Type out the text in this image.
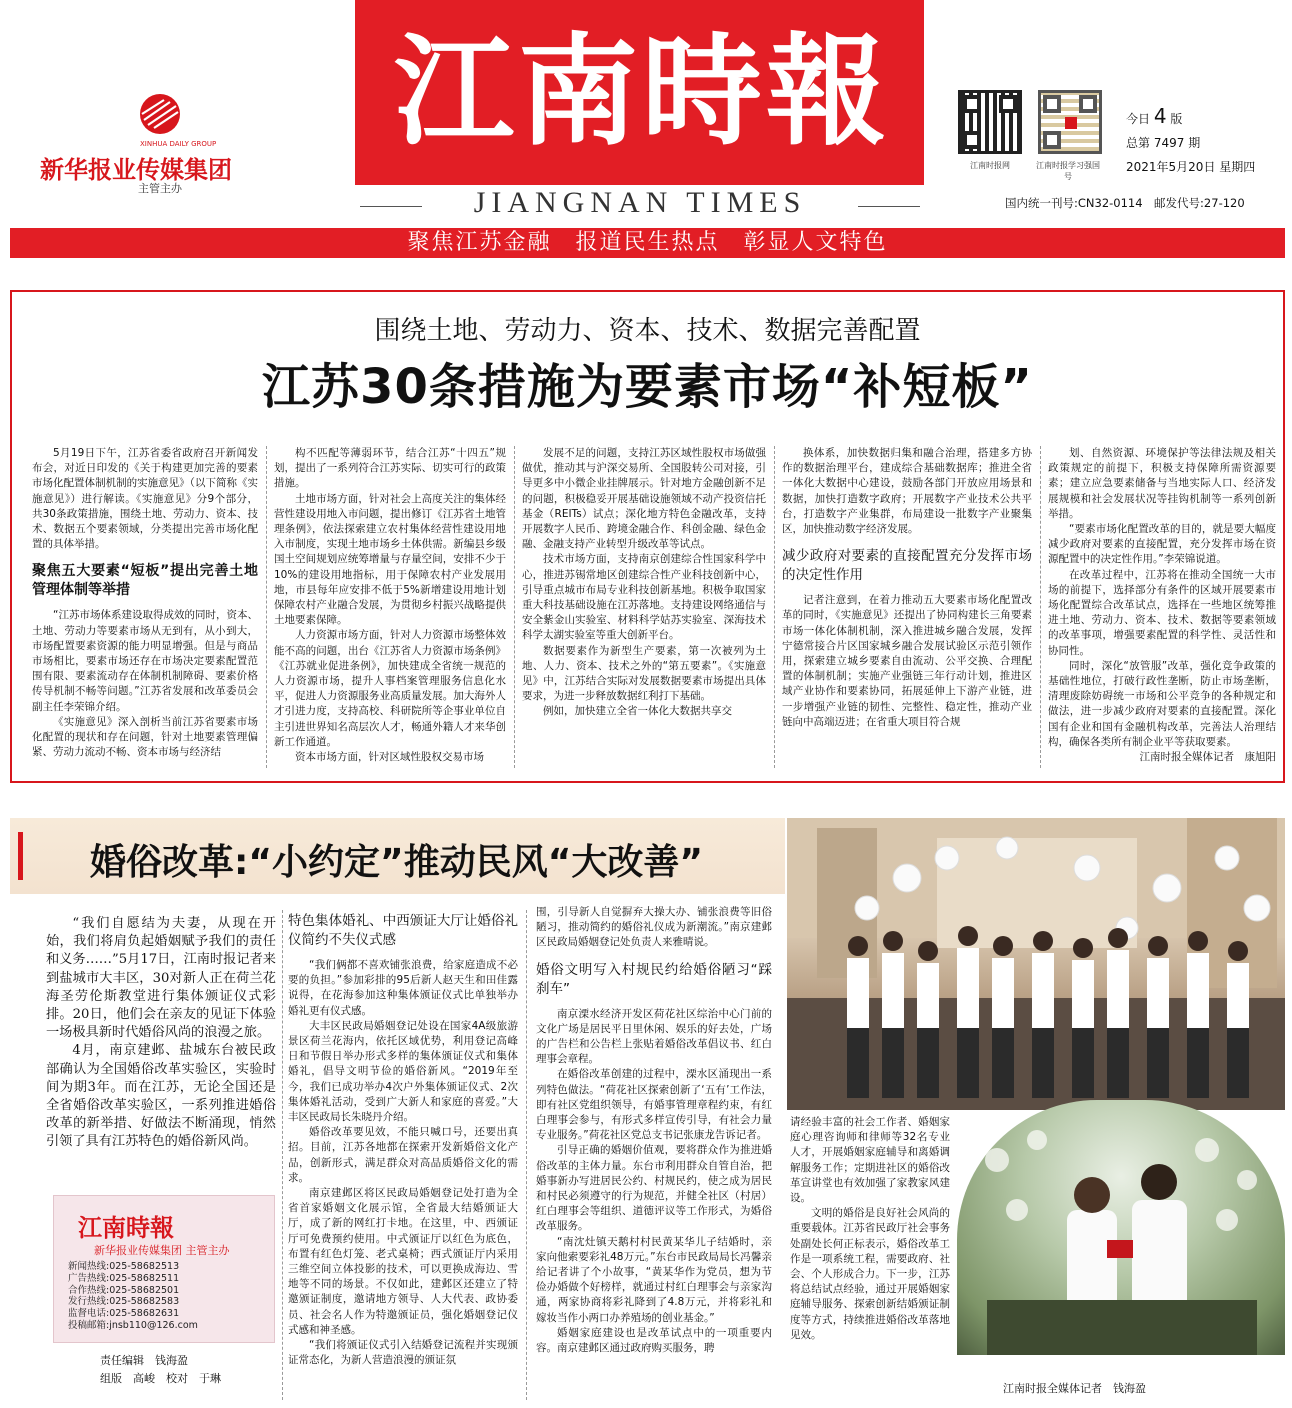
江南時報
JIANGNAN TIMES
XINHUA DAILY GROUP
新华报业传媒集团
主管主办
江南时报网	江南时报学习强国号
今日 4 版
总第 7497 期
2021年5月20日 星期四
国内统一刊号:CN32-0114　邮发代号:27-120
聚焦江苏金融　报道民生热点　彰显人文特色
围绕土地、劳动力、资本、技术、数据完善配置
江苏30条措施为要素市场“补短板”

5月19日下午，江苏省委省政府召开新闻发布会，对近日印发的《关于构建更加完善的要素市场化配置体制机制的实施意见》（以下简称《实施意见》）进行解读。《实施意见》分9个部分，共30条政策措施，围绕土地、劳动力、资本、技术、数据五个要素领域，分类提出完善市场化配置的具体举措。

聚焦五大要素“短板”提出完善土地管理体制等举措

“江苏市场体系建设取得成效的同时，资本、土地、劳动力等要素市场从无到有，从小到大，市场配置要素资源的能力明显增强。但是与商品市场相比，要素市场还存在市场决定要素配置范围有限、要素流动存在体制机制障碍、要素价格传导机制不畅等问题。”江苏省发展和改革委员会副主任李荣锦介绍。

《实施意见》深入剖析当前江苏省要素市场化配置的现状和存在问题，针对土地要素管理偏紧、劳动力流动不畅、资本市场与经济结

构不匹配等薄弱环节，结合江苏“十四五”规划，提出了一系列符合江苏实际、切实可行的政策措施。

土地市场方面，针对社会上高度关注的集体经营性建设用地入市问题，提出修订《江苏省土地管理条例》，依法探索建立农村集体经营性建设用地入市制度，实现土地市场乡土体供需。新编县乡级国土空间规划应统筹增量与存量空间，安排不少于10%的建设用地指标，用于保障农村产业发展用地，市县每年应安排不低于5%新增建设用地计划保障农村产业融合发展，为贯彻乡村振兴战略提供土地要素保障。

人力资源市场方面，针对人力资源市场整体效能不高的问题，出台《江苏省人力资源市场条例》《江苏就业促进条例》，加快建成全省统一规范的人力资源市场，提升人事档案管理服务信息化水平，促进人力资源服务业高质量发展。加大海外人才引进力度，支持高校、科研院所等企事业单位自主引进世界知名高层次人才，畅通外籍人才来华创新工作通道。

资本市场方面，针对区域性股权交易市场

发展不足的问题，支持江苏区域性股权市场做强做优，推动其与沪深交易所、全国股转公司对接，引导更多中小微企业挂牌展示。针对地方金融创新不足的问题，积极稳妥开展基础设施领域不动产投资信托基金（REITs）试点；深化地方特色金融改革，支持开展数字人民币、跨境金融合作、科创金融、绿色金融、金融支持产业转型升级改革等试点。

技术市场方面，支持南京创建综合性国家科学中心，推进苏锡常地区创建综合性产业科技创新中心，引导重点城市布局专业科技创新基地。积极争取国家重大科技基础设施在江苏落地。支持建设网络通信与安全紫金山实验室、材料科学姑苏实验室、深海技术科学太湖实验室等重大创新平台。

数据要素作为新型生产要素，第一次被列为土地、人力、资本、技术之外的“第五要素”。《实施意见》中，江苏结合实际对发展数据要素市场提出具体要求，为进一步释放数据红利打下基础。

例如，加快建立全省一体化大数据共享交

换体系，加快数据归集和融合治理，搭建多方协作的数据治理平台，建成综合基础数据库；推进全省一体化大数据中心建设，鼓励各部门开放应用场景和数据，加快打造数字政府；开展数字产业技术公共平台，打造数字产业集群，布局建设一批数字产业聚集区，加快推动数字经济发展。

减少政府对要素的直接配置充分发挥市场的决定性作用

记者注意到，在着力推动五大要素市场化配置改革的同时，《实施意见》还提出了协同构建长三角要素市场一体化体制机制，深入推进城乡融合发展，发挥宁德常接合片区国家城乡融合发展试验区示范引领作用，探索建立城乡要素自由流动、公平交换、合理配置的体制机制；实施产业强链三年行动计划，推进区域产业协作和要素协同，拓展延伸上下游产业链，进一步增强产业链的韧性、完整性、稳定性，推动产业链向中高端迈进；在省重大项目符合规

划、自然资源、环境保护等法律法规及相关政策规定的前提下，积极支持保障所需资源要素；建立应急要素储备与当地实际人口、经济发展规模和社会发展状况等挂钩机制等一系列创新举措。

“要素市场化配置改革的目的，就是要大幅度减少政府对要素的直接配置，充分发挥市场在资源配置中的决定性作用。”李荣锦说道。

在改革过程中，江苏将在推动全国统一大市场的前提下，选择部分有条件的区域开展要素市场化配置综合改革试点，选择在一些地区统筹推进土地、劳动力、资本、技术、数据等要素领域的改革事项，增强要素配置的科学性、灵活性和协同性。

同时，深化“放管服”改革，强化竞争政策的基础性地位，打破行政性垄断，防止市场垄断，清理废除妨碍统一市场和公平竞争的各种规定和做法，进一步减少政府对要素的直接配置。深化国有企业和国有金融机构改革，完善法人治理结构，确保各类所有制企业平等获取要素。

江南时报全媒体记者　康旭阳
婚俗改革:“小约定”推动民风“大改善”
江南时报全媒体记者　钱海盈

“我们自愿结为夫妻，从现在开始，我们将肩负起婚姻赋予我们的责任和义务……”5月17日，江南时报记者来到盐城市大丰区，30对新人正在荷兰花海圣劳伦斯教堂进行集体颁证仪式彩排。20日，他们会在亲友的见证下体验一场极具新时代婚俗风尚的浪漫之旅。

4月，南京建邺、盐城东台被民政部确认为全国婚俗改革实验区，实验时间为期3年。而在江苏，无论全国还是全省婚俗改革实验区，一系列推进婚俗改革的新举措、好做法不断涌现，悄然引领了具有江苏特色的婚俗新风尚。

江南時報
新华报业传媒集团 主管主办
新闻热线:025-58682513
广告热线:025-58682511
合作热线:025-58682501
发行热线:025-58682583
监督电话:025-58682631
投稿邮箱:jnsb110@126.com
责任编辑　钱海盈
组版　高峻　校对　于琳
特色集体婚礼、中西颁证大厅让婚俗礼仪简约不失仪式感

“我们俩都不喜欢铺张浪费，给家庭造成不必要的负担。”参加彩排的95后新人赵天生和田佳露说得，在花海参加这种集体颁证仪式比单独举办婚礼更有仪式感。

大丰区民政局婚姻登记处设在国家4A级旅游景区荷兰花海内，依托区域优势，利用登记高峰日和节假日举办形式多样的集体颁证仪式和集体婚礼，倡导文明节俭的婚俗新风。“2019年至今，我们已成功举办4次户外集体颁证仪式、2次集体婚礼活动，受到广大新人和家庭的喜爱。”大丰区民政局长朱晓丹介绍。

婚俗改革要见效，不能只喊口号，还要出真招。目前，江苏各地都在探索开发新婚俗文化产品，创新形式，满足群众对高品质婚俗文化的需求。

南京建邺区将区民政局婚姻登记处打造为全省首家婚姻文化展示馆，全省最大结婚颁证大厅，成了新的网红打卡地。在这里，中、西颁证厅可免费预约使用。中式颁证厅以红色为底色，布置有红色灯笼、老式桌椅；西式颁证厅内采用三维空间立体投影的技术，可以更换成海边、雪地等不同的场景。不仅如此，建邺区还建立了特邀颁证制度，邀请地方领导、人大代表、政协委员、社会名人作为特邀颁证员，强化婚姻登记仪式感和神圣感。

“我们将颁证仪式引入结婚登记流程并实现颁证常态化，为新人营造浪漫的颁证氛

围，引导新人自觉摒弃大操大办、铺张浪费等旧俗陋习，推动简约的婚俗礼仪成为新潮流。”南京建邺区民政局婚姻登记处负责人来雅晴说。

婚俗文明写入村规民约给婚俗陋习“踩刹车”

南京溧水经济开发区荷花社区综治中心门前的文化广场是居民平日里休闲、娱乐的好去处，广场的广告栏和公告栏上张贴着婚俗改革倡议书、红白理事会章程。

在婚俗改革创建的过程中，溧水区涌现出一系列特色做法。“荷花社区探索创新了‘五有’工作法，即有社区党组织领导，有婚事管理章程约束，有红白理事会参与，有形式多样宣传引导，有社会力量专业服务。”荷花社区党总支书记张康龙告诉记者。

引导正确的婚姻价值观，要将群众作为推进婚俗改革的主体力量。东台市利用群众自管自治，把婚事新办写进居民公约、村规民约，使之成为居民和村民必须遵守的行为规范，并健全社区（村居）红白理事会等组织、道德评议等工作形式，为婚俗改革服务。

“南沈灶镇天鹅村村民黄某华儿子结婚时，亲家向他索要彩礼48万元。”东台市民政局局长冯馨亲给记者讲了个小故事，“黄某华作为党员，想为节俭办婚做个好榜样，就通过村红白理事会与亲家沟通，两家协商将彩礼降到了4.8万元，并将彩礼和嫁妆当作小两口办养殖场的创业基金。”

婚姻家庭建设也是改革试点中的一项重要内容。南京建邺区通过政府购买服务，聘

请经验丰富的社会工作者、婚姻家庭心理咨询师和律师等32名专业人才，开展婚姻家庭辅导和离婚调解服务工作；定期进社区的婚俗改革宣讲堂也有效加强了家教家风建设。

文明的婚俗是良好社会风尚的重要载体。江苏省民政厅社会事务处副处长何正标表示，婚俗改革工作是一项系统工程，需要政府、社会、个人形成合力。下一步，江苏将总结试点经验，通过开展婚姻家庭辅导服务、探索创新结婚颁证制度等方式，持续推进婚俗改革落地见效。
